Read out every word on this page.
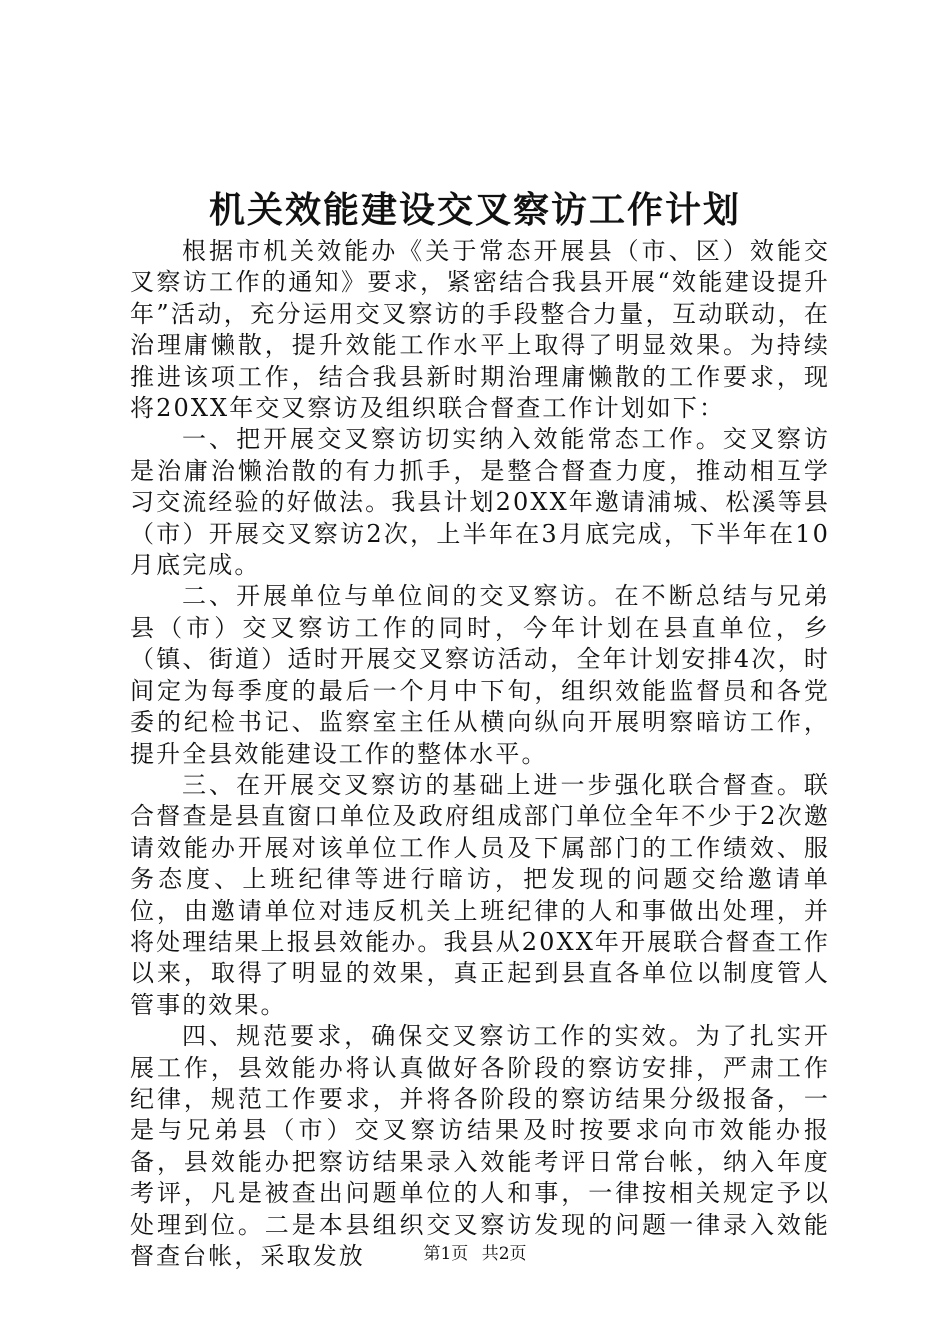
机关效能建设交叉察访工作计划

根据市机关效能办《关于常态开展县（市、区）效能交叉察访工作的通知》要求，紧密结合我县开展“效能建设提升年”活动，充分运用交叉察访的手段整合力量，互动联动，在治理庸懒散，提升效能工作水平上取得了明显效果。为持续推进该项工作，结合我县新时期治理庸懒散的工作要求，现将20XX年交叉察访及组织联合督查工作计划如下：

一、把开展交叉察访切实纳入效能常态工作。交叉察访是治庸治懒治散的有力抓手，是整合督查力度，推动相互学习交流经验的好做法。我县计划20XX年邀请浦城、松溪等县（市）开展交叉察访2次，上半年在3月底完成，下半年在10月底完成。

二、开展单位与单位间的交叉察访。在不断总结与兄弟县（市）交叉察访工作的同时，今年计划在县直单位，乡（镇、街道）适时开展交叉察访活动，全年计划安排4次，时间定为每季度的最后一个月中下旬，组织效能监督员和各党委的纪检书记、监察室主任从横向纵向开展明察暗访工作，提升全县效能建设工作的整体水平。

三、在开展交叉察访的基础上进一步强化联合督查。联合督查是县直窗口单位及政府组成部门单位全年不少于2次邀请效能办开展对该单位工作人员及下属部门的工作绩效、服务态度、上班纪律等进行暗访，把发现的问题交给邀请单位，由邀请单位对违反机关上班纪律的人和事做出处理，并将处理结果上报县效能办。我县从20XX年开展联合督查工作以来，取得了明显的效果，真正起到县直各单位以制度管人管事的效果。

四、规范要求，确保交叉察访工作的实效。为了扎实开展工作，县效能办将认真做好各阶段的察访安排，严肃工作纪律，规范工作要求，并将各阶段的察访结果分级报备，一是与兄弟县（市）交叉察访结果及时按要求向市效能办报备，县效能办把察访结果录入效能考评日常台帐，纳入年度考评，凡是被查出问题单位的人和事，一律按相关规定予以处理到位。二是本县组织交叉察访发现的问题一律录入效能督查台帐，采取发放	第1页 共2页
